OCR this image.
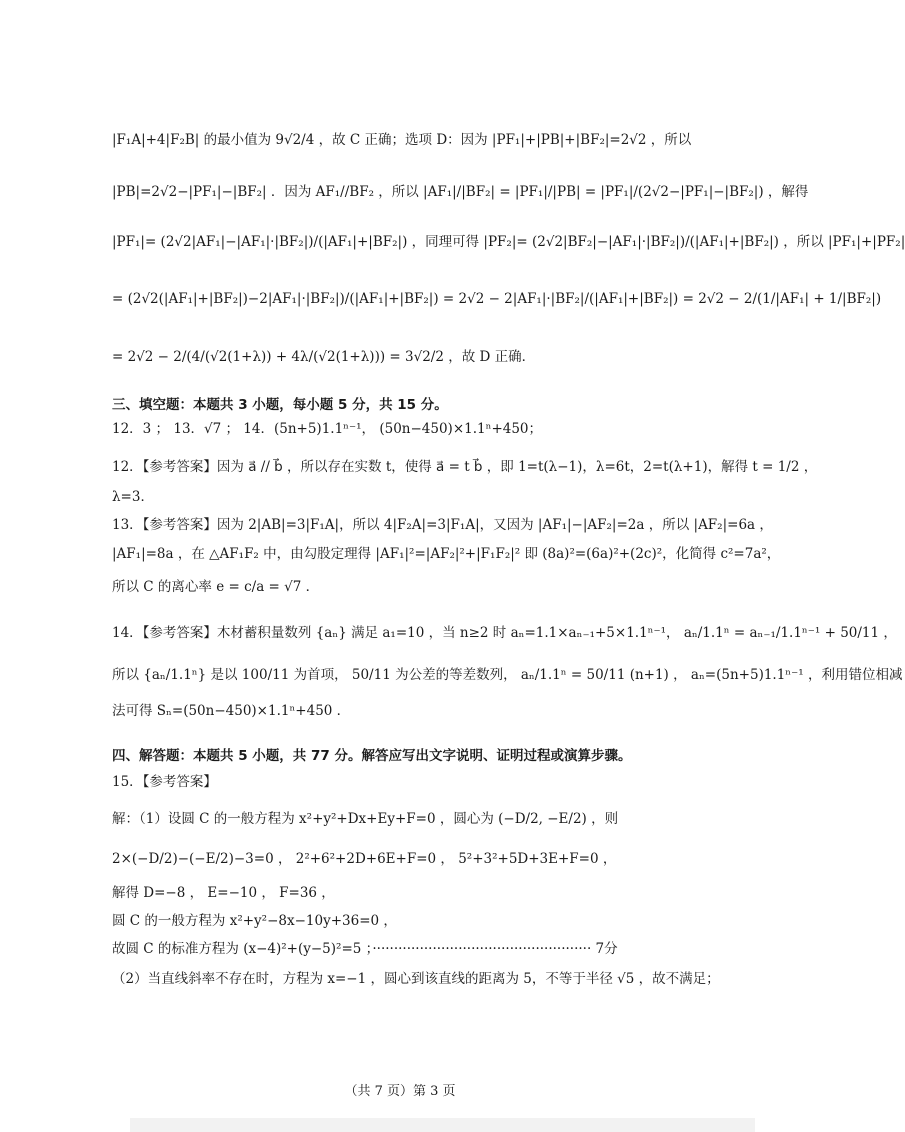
|F₁A|+4|F₂B| 的最小值为 9√2/4 ，故 C 正确；选项 D：因为 |PF₁|+|PB|+|BF₂|=2√2 ，所以
|PB|=2√2−|PF₁|−|BF₂| ．因为 AF₁//BF₂ ，所以 |AF₁|/|BF₂| = |PF₁|/|PB| = |PF₁|/(2√2−|PF₁|−|BF₂|) ，解得
|PF₁|= (2√2|AF₁|−|AF₁|·|BF₂|)/(|AF₁|+|BF₂|) ，同理可得 |PF₂|= (2√2|BF₂|−|AF₁|·|BF₂|)/(|AF₁|+|BF₂|) ，所以 |PF₁|+|PF₂|
= (2√2(|AF₁|+|BF₂|)−2|AF₁|·|BF₂|)/(|AF₁|+|BF₂|) = 2√2 − 2|AF₁|·|BF₂|/(|AF₁|+|BF₂|) = 2√2 − 2/(1/|AF₁| + 1/|BF₂|)
= 2√2 − 2/(4/(√2(1+λ)) + 4λ/(√2(1+λ))) = 3√2/2 ，故 D 正确．
三、填空题：本题共 3 小题，每小题 5 分，共 15 分。
12．3 ； 13．√7 ； 14．(5n+5)1.1ⁿ⁻¹， (50n−450)×1.1ⁿ+450；
12．【参考答案】因为 a⃗ // b⃗ ，所以存在实数 t，使得 a⃗ = t b⃗ ，即 1=t(λ−1)，λ=6t，2=t(λ+1)，解得 t = 1/2 ，
λ=3．
13．【参考答案】因为 2|AB|=3|F₁A|，所以 4|F₂A|=3|F₁A|，又因为 |AF₁|−|AF₂|=2a ，所以 |AF₂|=6a ，
|AF₁|=8a ，在 △AF₁F₂ 中，由勾股定理得 |AF₁|²=|AF₂|²+|F₁F₂|² 即 (8a)²=(6a)²+(2c)²，化简得 c²=7a²，
所以 C 的离心率 e = c/a = √7 ．
14．【参考答案】木材蓄积量数列 {aₙ} 满足 a₁=10 ，当 n≥2 时 aₙ=1.1×aₙ₋₁+5×1.1ⁿ⁻¹， aₙ/1.1ⁿ = aₙ₋₁/1.1ⁿ⁻¹ + 50/11 ，
所以 {aₙ/1.1ⁿ} 是以 100/11 为首项， 50/11 为公差的等差数列， aₙ/1.1ⁿ = 50/11 (n+1) ， aₙ=(5n+5)1.1ⁿ⁻¹ ，利用错位相减
法可得 Sₙ=(50n−450)×1.1ⁿ+450 ．
四、解答题：本题共 5 小题，共 77 分。解答应写出文字说明、证明过程或演算步骤。
15．【参考答案】
解：（1）设圆 C 的一般方程为 x²+y²+Dx+Ey+F=0 ，圆心为 (−D/2, −E/2) ，则
2×(−D/2)−(−E/2)−3=0 ， 2²+6²+2D+6E+F=0 ， 5²+3²+5D+3E+F=0 ，
解得 D=−8 ， E=−10 ， F=36 ，
圆 C 的一般方程为 x²+y²−8x−10y+36=0 ，
故圆 C 的标准方程为 (x−4)²+(y−5)²=5 ；··················································· 7分
（2）当直线斜率不存在时，方程为 x=−1 ，圆心到该直线的距离为 5，不等于半径 √5 ，故不满足；
（共 7 页）第 3 页
